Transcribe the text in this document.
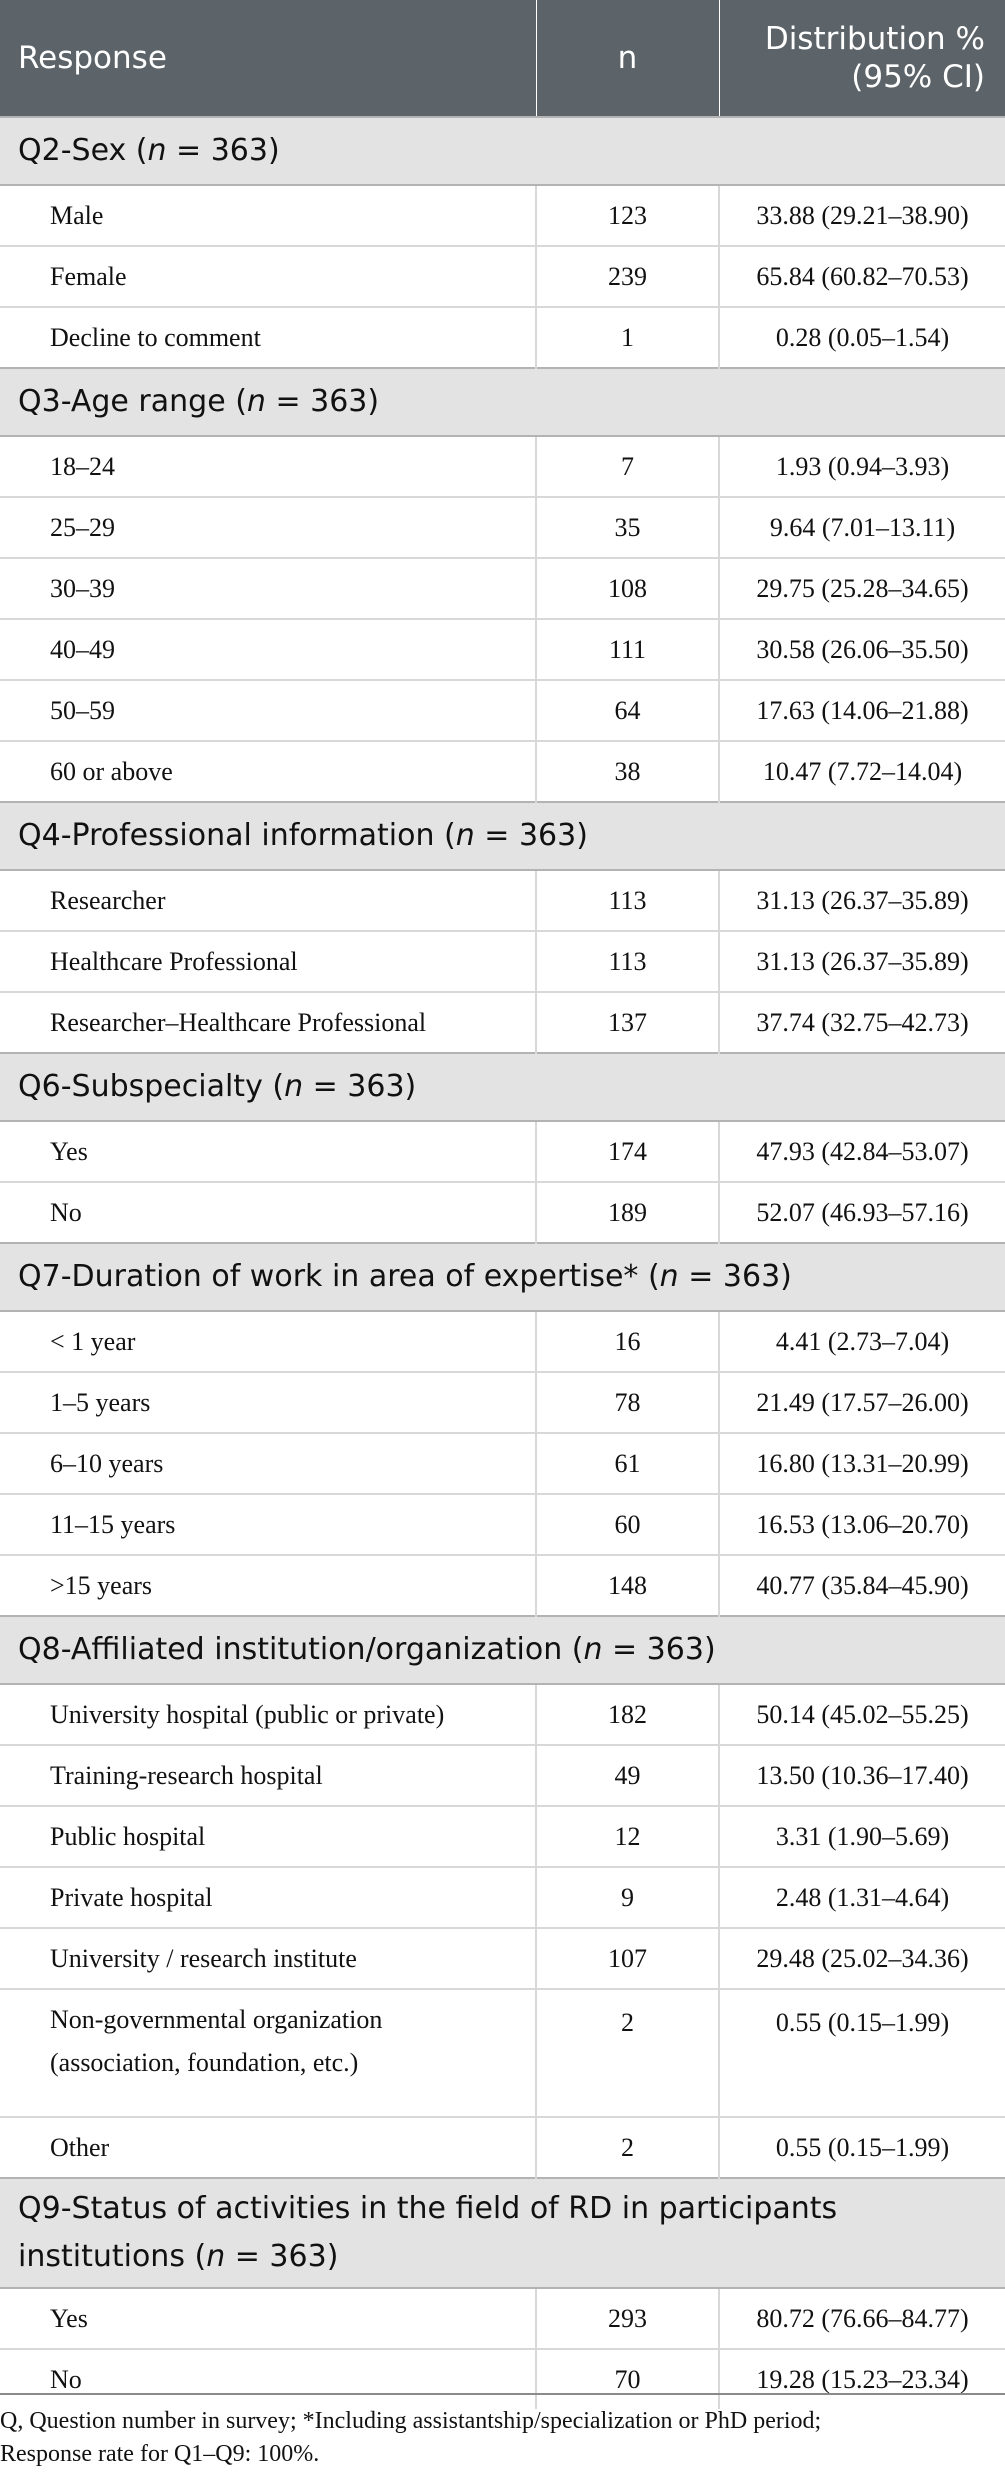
Response	n	Distribution %
(95% CI)
Q2-Sex (n = 363)		
Male	123	33.88 (29.21–38.90)
Female	239	65.84 (60.82–70.53)
Decline to comment	1	0.28 (0.05–1.54)
Q3-Age range (n = 363)		
18–24	7	1.93 (0.94–3.93)
25–29	35	9.64 (7.01–13.11)
30–39	108	29.75 (25.28–34.65)
40–49	111	30.58 (26.06–35.50)
50–59	64	17.63 (14.06–21.88)
60 or above	38	10.47 (7.72–14.04)
Q4-Professional information (n = 363)		
Researcher	113	31.13 (26.37–35.89)
Healthcare Professional	113	31.13 (26.37–35.89)
Researcher–Healthcare Professional	137	37.74 (32.75–42.73)
Q6-Subspecialty (n = 363)		
Yes	174	47.93 (42.84–53.07)
No	189	52.07 (46.93–57.16)
Q7-Duration of work in area of expertise* (n = 363)		
< 1 year	16	4.41 (2.73–7.04)
1–5 years	78	21.49 (17.57–26.00)
6–10 years	61	16.80 (13.31–20.99)
11–15 years	60	16.53 (13.06–20.70)
>15 years	148	40.77 (35.84–45.90)
Q8-Affiliated institution/organization (n = 363)		
University hospital (public or private)	182	50.14 (45.02–55.25)
Training-research hospital	49	13.50 (10.36–17.40)
Public hospital	12	3.31 (1.90–5.69)
Private hospital	9	2.48 (1.31–4.64)
University / research institute	107	29.48 (25.02–34.36)
Non-governmental organization
(association, foundation, etc.)	2	0.55 (0.15–1.99)
Other	2	0.55 (0.15–1.99)
Q9-Status of activities in the field of RD in participants
institutions (n = 363)		
Yes	293	80.72 (76.66–84.77)
No	70	19.28 (15.23–23.34)
Q, Question number in survey; *Including assistantship/specialization or PhD period;
Response rate for Q1–Q9: 100%.
